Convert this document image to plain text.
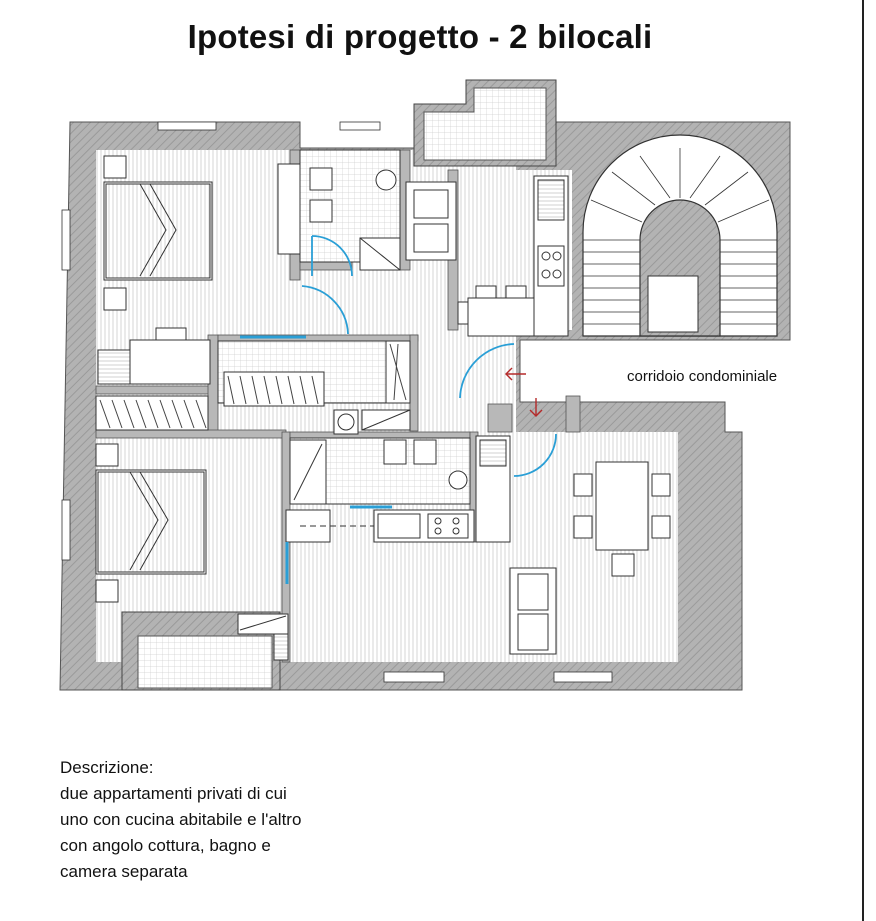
Ipotesi di progetto - 2 bilocali
corridoio condominiale
Descrizione:
due appartamenti privati di cui
uno con cucina abitabile e l'altro
con angolo cottura, bagno e
camera separata
